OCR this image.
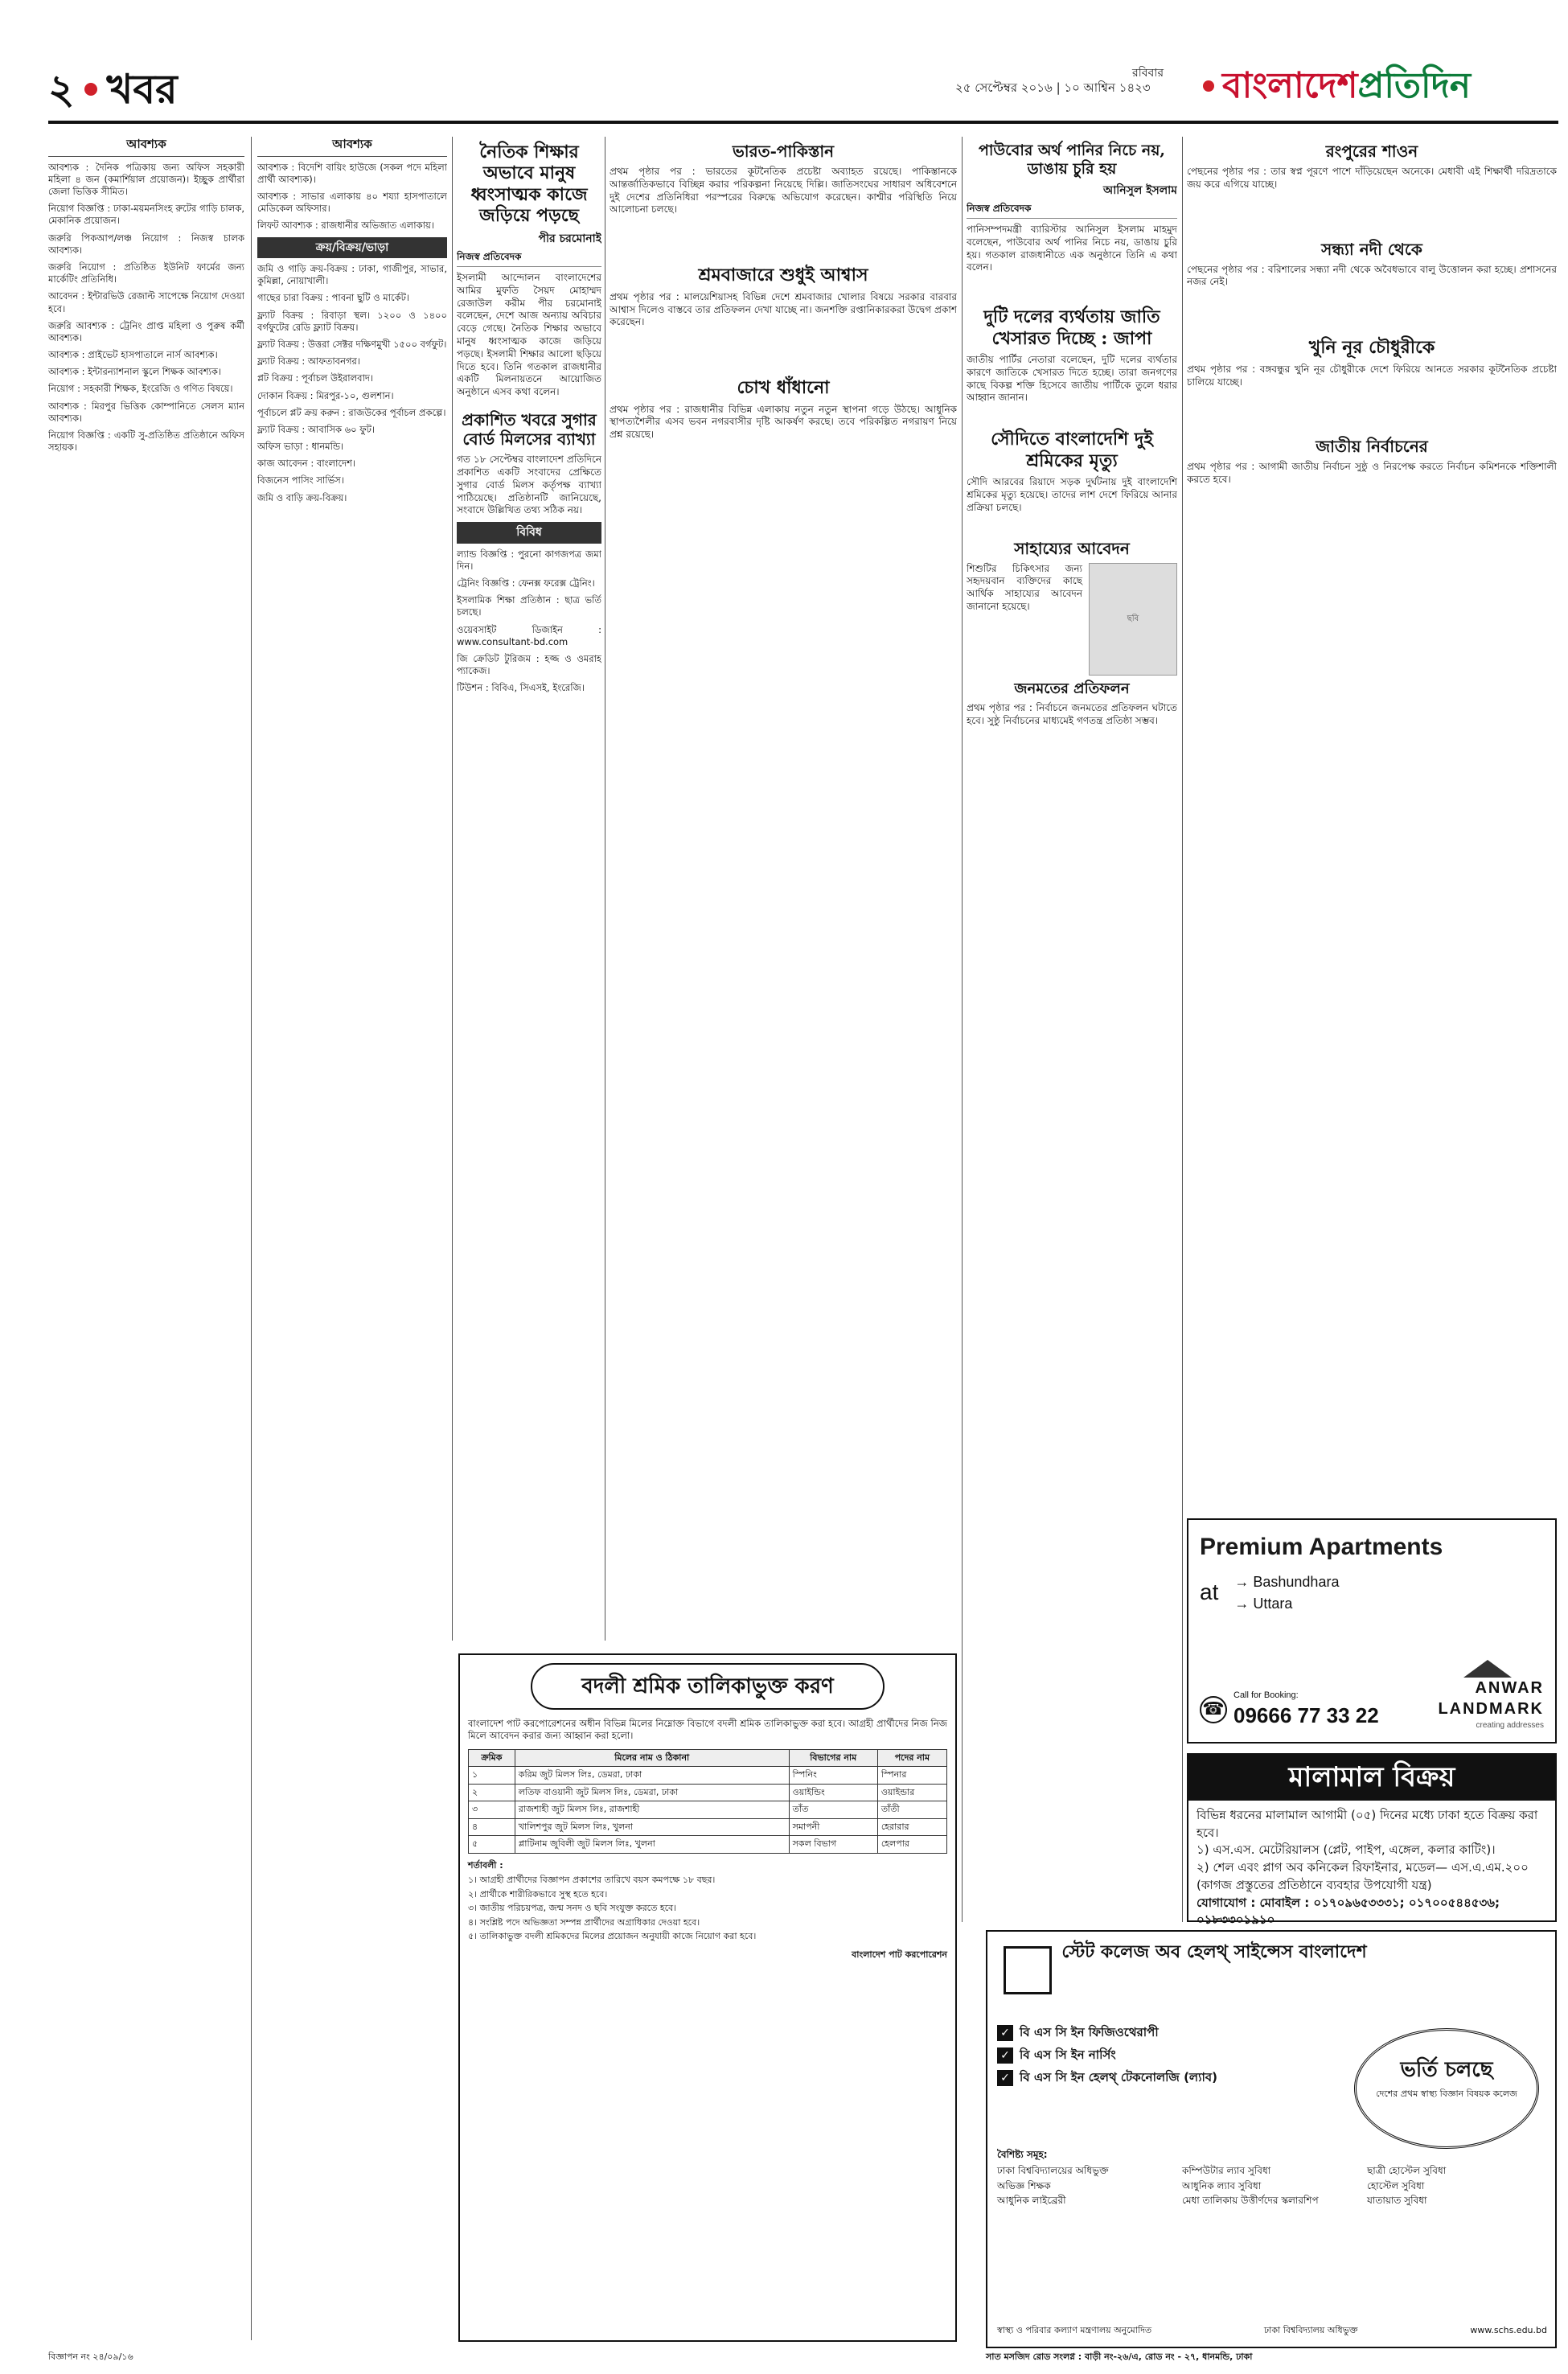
২ খবর	রবিবার
২৫ সেপ্টেম্বর ২০১৬ | ১০ আশ্বিন ১৪২৩ বাংলাদেশ প্রতিদিন
আবশ্যক
আবশ্যক : দৈনিক পত্রিকায় জন্য অফিস সহকারী মহিলা ৪ জন (কমার্শিয়াল প্রয়োজন)। ইচ্ছুক প্রার্থীরা জেলা ভিত্তিক সীমিত।
নিয়োগ বিজ্ঞপ্তি : ঢাকা-ময়মনসিংহ রুটের গাড়ি চালক, মেকানিক প্রয়োজন।
জরুরি পিকআপ/লঞ্চ নিয়োগ : নিজস্ব চালক আবশ্যক।
জরুরি নিয়োগ : প্রতিষ্ঠিত ইউনিট ফার্মের জন্য মার্কেটিং প্রতিনিধি।
আবেদন : ইন্টারভিউ রেজাল্ট সাপেক্ষে নিয়োগ দেওয়া হবে।
জরুরি আবশ্যক : ট্রেনিং প্রাপ্ত মহিলা ও পুরুষ কর্মী আবশ্যক।
আবশ্যক : প্রাইভেট হাসপাতালে নার্স আবশ্যক।
আবশ্যক : ইন্টারন্যাশনাল স্কুলে শিক্ষক আবশ্যক।
নিয়োগ : সহকারী শিক্ষক, ইংরেজি ও গণিত বিষয়ে।
আবশ্যক : মিরপুর ভিত্তিক কোম্পানিতে সেলস ম্যান আবশ্যক।
নিয়োগ বিজ্ঞপ্তি : একটি সু-প্রতিষ্ঠিত প্রতিষ্ঠানে অফিস সহায়ক।
আবশ্যক
আবশ্যক : বিদেশি বায়িং হাউজে (সকল পদে মহিলা প্রার্থী আবশ্যক)।
আবশ্যক : সাভার এলাকায় ৪০ শয্যা হাসপাতালে মেডিকেল অফিসার।
লিফট আবশ্যক : রাজধানীর অভিজাত এলাকায়।
ক্রয়/বিক্রয়/ভাড়া
জমি ও গাড়ি ক্রয়-বিক্রয় : ঢাকা, গাজীপুর, সাভার, কুমিল্লা, নোয়াখালী।
গাছের চারা বিক্রয় : পাবনা ছুটি ও মার্কেট।
ফ্ল্যাট বিক্রয় : রিবাড়া স্থল। ১২০০ ও ১৪০০ বর্গফুটের রেডি ফ্ল্যাট বিক্রয়।
ফ্ল্যাট বিক্রয় : উত্তরা সেক্টর দক্ষিণমুখী ১৫০০ বর্গফুট।
ফ্ল্যাট বিক্রয় : আফতাবনগর।
প্লট বিক্রয় : পূর্বাচল উইরালবাদ।
দোকান বিক্রয় : মিরপুর-১০, গুলশান।
পূর্বাচলে প্লট ক্রয় করুন : রাজউকের পূর্বাচল প্রকল্পে।
ফ্ল্যাট বিক্রয় : আবাসিক ৬০ ফুট।
অফিস ভাড়া : ধানমন্ডি।
কাজ আবেদন : বাংলাদেশ।
বিজনেস পাসিং সার্ভিস।
জমি ও বাড়ি ক্রয়-বিক্রয়।
নৈতিক শিক্ষার অভাবে মানুষ ধ্বংসাত্মক কাজে জড়িয়ে পড়ছে
পীর চরমোনাই
নিজস্ব প্রতিবেদক

ইসলামী আন্দোলন বাংলাদেশের আমির মুফতি সৈয়দ মোহাম্মদ রেজাউল করীম পীর চরমোনাই বলেছেন, দেশে আজ অন্যায় অবিচার বেড়ে গেছে। নৈতিক শিক্ষার অভাবে মানুষ ধ্বংসাত্মক কাজে জড়িয়ে পড়ছে। ইসলামী শিক্ষার আলো ছড়িয়ে দিতে হবে। তিনি গতকাল রাজধানীর একটি মিলনায়তনে আয়োজিত অনুষ্ঠানে এসব কথা বলেন।

প্রকাশিত খবরে সুগার বোর্ড মিলসের ব্যাখ্যা

গত ১৮ সেপ্টেম্বর বাংলাদেশ প্রতিদিনে প্রকাশিত একটি সংবাদের প্রেক্ষিতে সুগার বোর্ড মিলস কর্তৃপক্ষ ব্যাখ্যা পাঠিয়েছে। প্রতিষ্ঠানটি জানিয়েছে, সংবাদে উল্লিখিত তথ্য সঠিক নয়।

বিবিধ
ল্যান্ড বিজ্ঞপ্তি : পুরনো কাগজপত্র জমা দিন।
ট্রেনিং বিজ্ঞপ্তি : ফেনক্স ফরেক্স ট্রেনিং।
ইসলামিক শিক্ষা প্রতিষ্ঠান : ছাত্র ভর্তি চলছে।
ওয়েবসাইট ডিজাইন : www.consultant-bd.com
জি ক্রেডিট টুরিজম : হজ্জ ও ওমরাহ প্যাকেজ।
টিউশন : বিবিএ, সিএসই, ইংরেজি।
ভারত-পাকিস্তান

প্রথম পৃষ্ঠার পর : ভারতের কূটনৈতিক প্রচেষ্টা অব্যাহত রয়েছে। পাকিস্তানকে আন্তর্জাতিকভাবে বিচ্ছিন্ন করার পরিকল্পনা নিয়েছে দিল্লি। জাতিসংঘের সাধারণ অধিবেশনে দুই দেশের প্রতিনিধিরা পরস্পরের বিরুদ্ধে অভিযোগ করেছেন। কাশ্মীর পরিস্থিতি নিয়ে আলোচনা চলছে।

শ্রমবাজারে শুধুই আশ্বাস

প্রথম পৃষ্ঠার পর : মালয়েশিয়াসহ বিভিন্ন দেশে শ্রমবাজার খোলার বিষয়ে সরকার বারবার আশ্বাস দিলেও বাস্তবে তার প্রতিফলন দেখা যাচ্ছে না। জনশক্তি রপ্তানিকারকরা উদ্বেগ প্রকাশ করেছেন।

চোখ ধাঁধানো

প্রথম পৃষ্ঠার পর : রাজধানীর বিভিন্ন এলাকায় নতুন নতুন স্থাপনা গড়ে উঠছে। আধুনিক স্থাপত্যশৈলীর এসব ভবন নগরবাসীর দৃষ্টি আকর্ষণ করছে। তবে পরিকল্পিত নগরায়ণ নিয়ে প্রশ্ন রয়েছে।

পাউবোর অর্থ পানির নিচে নয়, ডাঙায় চুরি হয়
আনিসুল ইসলাম
নিজস্ব প্রতিবেদক

পানিসম্পদমন্ত্রী ব্যারিস্টার আনিসুল ইসলাম মাহমুদ বলেছেন, পাউবোর অর্থ পানির নিচে নয়, ডাঙায় চুরি হয়। গতকাল রাজধানীতে এক অনুষ্ঠানে তিনি এ কথা বলেন।

দুটি দলের ব্যর্থতায় জাতি খেসারত দিচ্ছে : জাপা

জাতীয় পার্টির নেতারা বলেছেন, দুটি দলের ব্যর্থতার কারণে জাতিকে খেসারত দিতে হচ্ছে। তারা জনগণের কাছে বিকল্প শক্তি হিসেবে জাতীয় পার্টিকে তুলে ধরার আহ্বান জানান।

সৌদিতে বাংলাদেশি দুই শ্রমিকের মৃত্যু

সৌদি আরবের রিয়াদে সড়ক দুর্ঘটনায় দুই বাংলাদেশি শ্রমিকের মৃত্যু হয়েছে। তাদের লাশ দেশে ফিরিয়ে আনার প্রক্রিয়া চলছে।

সাহায্যের আবেদন
ছবি

শিশুটির চিকিৎসার জন্য সহৃদয়বান ব্যক্তিদের কাছে আর্থিক সাহায্যের আবেদন জানানো হয়েছে।

জনমতের প্রতিফলন

প্রথম পৃষ্ঠার পর : নির্বাচনে জনমতের প্রতিফলন ঘটাতে হবে। সুষ্ঠু নির্বাচনের মাধ্যমেই গণতন্ত্র প্রতিষ্ঠা সম্ভব।

রংপুরের শাওন

পেছনের পৃষ্ঠার পর : তার স্বপ্ন পূরণে পাশে দাঁড়িয়েছেন অনেকে। মেধাবী এই শিক্ষার্থী দরিদ্রতাকে জয় করে এগিয়ে যাচ্ছে।

সন্ধ্যা নদী থেকে

পেছনের পৃষ্ঠার পর : বরিশালের সন্ধ্যা নদী থেকে অবৈধভাবে বালু উত্তোলন করা হচ্ছে। প্রশাসনের নজর নেই।

খুনি নূর চৌধুরীকে

প্রথম পৃষ্ঠার পর : বঙ্গবন্ধুর খুনি নূর চৌধুরীকে দেশে ফিরিয়ে আনতে সরকার কূটনৈতিক প্রচেষ্টা চালিয়ে যাচ্ছে।

জাতীয় নির্বাচনের

প্রথম পৃষ্ঠার পর : আগামী জাতীয় নির্বাচন সুষ্ঠু ও নিরপেক্ষ করতে নির্বাচন কমিশনকে শক্তিশালী করতে হবে।

বদলী শ্রমিক তালিকাভুক্ত করণ
বাংলাদেশ পাট করপোরেশনের অধীন বিভিন্ন মিলের নিম্নোক্ত বিভাগে বদলী শ্রমিক তালিকাভুক্ত করা হবে। আগ্রহী প্রার্থীদের নিজ নিজ মিলে আবেদন করার জন্য আহ্বান করা হলো।
ক্রমিক	মিলের নাম ও ঠিকানা	বিভাগের নাম	পদের নাম
১	করিম জুট মিলস লিঃ, ডেমরা, ঢাকা	স্পিনিং	স্পিনার
২	লতিফ বাওয়ানী জুট মিলস লিঃ, ডেমরা, ঢাকা	ওয়াইন্ডিং	ওয়াইন্ডার
৩	রাজশাহী জুট মিলস লিঃ, রাজশাহী	তাঁত	তাঁতী
৪	খালিশপুর জুট মিলস লিঃ, খুলনা	সমাপনী	হেরারার
৫	প্লাটিনাম জুবিলী জুট মিলস লিঃ, খুলনা	সকল বিভাগ	হেলপার
শর্তাবলী :
১। আগ্রহী প্রার্থীদের বিজ্ঞাপন প্রকাশের তারিখে বয়স কমপক্ষে ১৮ বছর।
২। প্রার্থীকে শারীরিকভাবে সুস্থ হতে হবে।
৩। জাতীয় পরিচয়পত্র, জন্ম সনদ ও ছবি সংযুক্ত করতে হবে।
৪। সংশ্লিষ্ট পদে অভিজ্ঞতা সম্পন্ন প্রার্থীদের অগ্রাধিকার দেওয়া হবে।
৫। তালিকাভুক্ত বদলী শ্রমিকদের মিলের প্রয়োজন অনুযায়ী কাজে নিয়োগ করা হবে।
বাংলাদেশ পাট করপোরেশন
Premium Apartments
at → Bashundhara
→ Uttara
☎
Call for Booking:
09666 77 33 22
ANWAR
LANDMARK
creating addresses
মালামাল বিক্রয়
বিভিন্ন ধরনের মালামাল আগামী (০৫) দিনের মধ্যে ঢাকা হতে বিক্রয় করা হবে।
১) এস.এস. মেটেরিয়ালস (প্লেট, পাইপ, এঙ্গেল, কলার কাটিং)।
২) শেল এবং প্লাগ অব কনিকেল রিফাইনার, মডেল— এস.এ.এম.২০০ (কাগজ প্রস্তুতের প্রতিষ্ঠানে ব্যবহার উপযোগী যন্ত্র)
যোগাযোগ : মোবাইল : ০১৭০৯৬৫৩৩৩১; ০১৭০০৫৪৪৫৩৬; ০১৮৩৩০১৯১০
স্টেট কলেজ অব হেলথ্ সাইন্সেস বাংলাদেশ
✓ বি এস সি ইন ফিজিওথেরাপী
✓ বি এস সি ইন নার্সিং
✓ বি এস সি ইন হেলথ্ টেকনোলজি (ল্যাব)	ভর্তি চলছে
দেশের প্রথম স্বাস্থ্য বিজ্ঞান বিষয়ক কলেজ
বৈশিষ্ট্য সমূহ:
ঢাকা বিশ্ববিদ্যালয়ের অধিভুক্ত	কম্পিউটার ল্যাব সুবিধা	ছাত্রী হোস্টেল সুবিধা
অভিজ্ঞ শিক্ষক	আধুনিক ল্যাব সুবিধা	হোস্টেল সুবিধা
আধুনিক লাইব্রেরী	মেধা তালিকায় উত্তীর্ণদের স্কলারশিপ	যাতায়াত সুবিধা
স্বাস্থ্য ও পরিবার কল্যাণ মন্ত্রণালয় অনুমোদিত	ঢাকা বিশ্ববিদ্যালয় অধিভুক্ত	www.schs.edu.bd
সাত মসজিদ রোড সংলগ্ন : বাড়ী নং-২৬/এ, রোড নং - ২৭, ধানমন্ডি, ঢাকা
বিজ্ঞাপন নং ২৪/০৯/১৬
